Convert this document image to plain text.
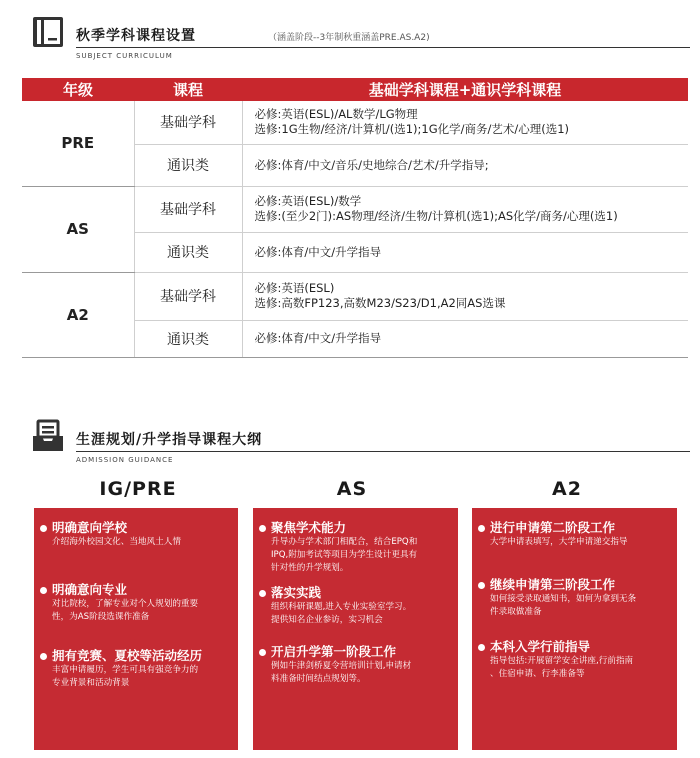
秋季学科课程设置
SUBJECT CURRICULUM
（涵盖阶段--3年制秋重涵盖PRE.AS.A2)
年级	课程	基础学科课程+通识学科课程
PRE	基础学科	必修:英语(ESL)/AL数学/LG物理
选修:1G生物/经济/计算机/(选1);1G化学/商务/艺术/心理(选1)

	通识类	必修:体育/中文/音乐/史地综合/艺术/升学指导;

AS	基础学科	必修:英语(ESL)/数学
选修:(至少2门):AS物理/经济/生物/计算机(选1);AS化学/商务/心理(选1)

	通识类	必修:体育/中文/升学指导

A2	基础学科	必修:英语(ESL)
选修:高数FP123,高数M23/S23/D1,A2同AS选课

	通识类	必修:体育/中文/升学指导
生涯规划/升学指导课程大纲
ADMISSION GUIDANCE
IG/PRE	AS	A2
明确意向学校
介绍海外校园文化、当地风土人情
明确意向专业
对比院校，了解专业对个人规划的重要
性，为AS阶段选课作准备
拥有竞赛、夏校等活动经历
丰富申请履历，学生可具有强竞争力的
专业背景和活动背景
聚焦学术能力
升导办与学术部门相配合，结合EPQ和
IPQ,附加考试等项目为学生设计更具有
针对性的升学规划。
落实实践
组织科研课题,进入专业实验室学习。
提供知名企业参访，实习机会
开启升学第一阶段工作
例如牛津剑桥夏令营培训计划,申请材
料准备时间结点规划等。
进行申请第二阶段工作
大学申请表填写，大学申请递交指导
继续申请第三阶段工作
如何接受录取通知书，如何为拿到无条
件录取做准备
本科入学行前指导
指导包括:开展留学安全讲座,行前指南
、住宿申请、行李准备等
